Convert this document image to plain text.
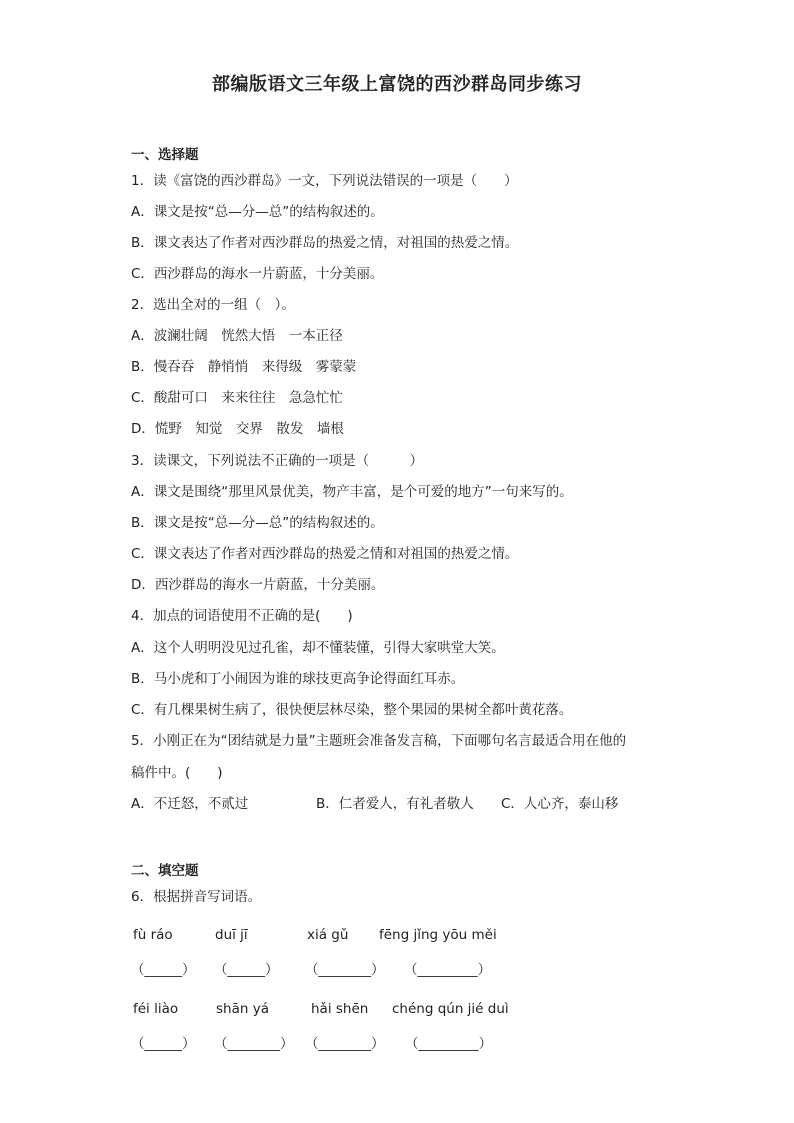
部编版语文三年级上富饶的西沙群岛同步练习
一、选择题
1．读《富饶的西沙群岛》一文，下列说法错误的一项是（　　）
A．课文是按“总—分—总”的结构叙述的。
B．课文表达了作者对西沙群岛的热爱之情，对祖国的热爱之情。
C．西沙群岛的海水一片蔚蓝，十分美丽。
2．选出全对的一组（　）。
A．波澜壮阔　恍然大悟　一本正径
B．慢吞吞　静悄悄　来得级　雾蒙蒙
C．酸甜可口　来来往往　急急忙忙
D．慌野　知觉　交界　散发　墙根
3．读课文，下列说法不正确的一项是（　　　）
A．课文是围绕“那里风景优美，物产丰富，是个可爱的地方”一句来写的。
B．课文是按“总—分—总”的结构叙述的。
C．课文表达了作者对西沙群岛的热爱之情和对祖国的热爱之情。
D．西沙群岛的海水一片蔚蓝，十分美丽。
4．加点的词语使用不正确的是(　　)
A．这个人明明没见过孔雀，却不懂装懂，引得大家哄堂大笑。
B．马小虎和丁小闹因为谁的球技更高争论得面红耳赤。
C．有几棵果树生病了，很快便层林尽染，整个果园的果树全都叶黄花落。
5．小刚正在为“团结就是力量”主题班会准备发言稿，下面哪句名言最适合用在他的
稿件中。(　　)
A．不迁怒，不贰过	B．仁者爱人，有礼者敬人 C．人心齐，泰山移
二、填空题
6．根据拼音写词语。
fù ráo	duī jī	xiá gǔ fēng jǐng yōu měi
（_____） （_____） （_______） （________）
féi liào	shān yá	hǎi shēn chéng qún jié duì
（_____） （_______） （_______） （________）
